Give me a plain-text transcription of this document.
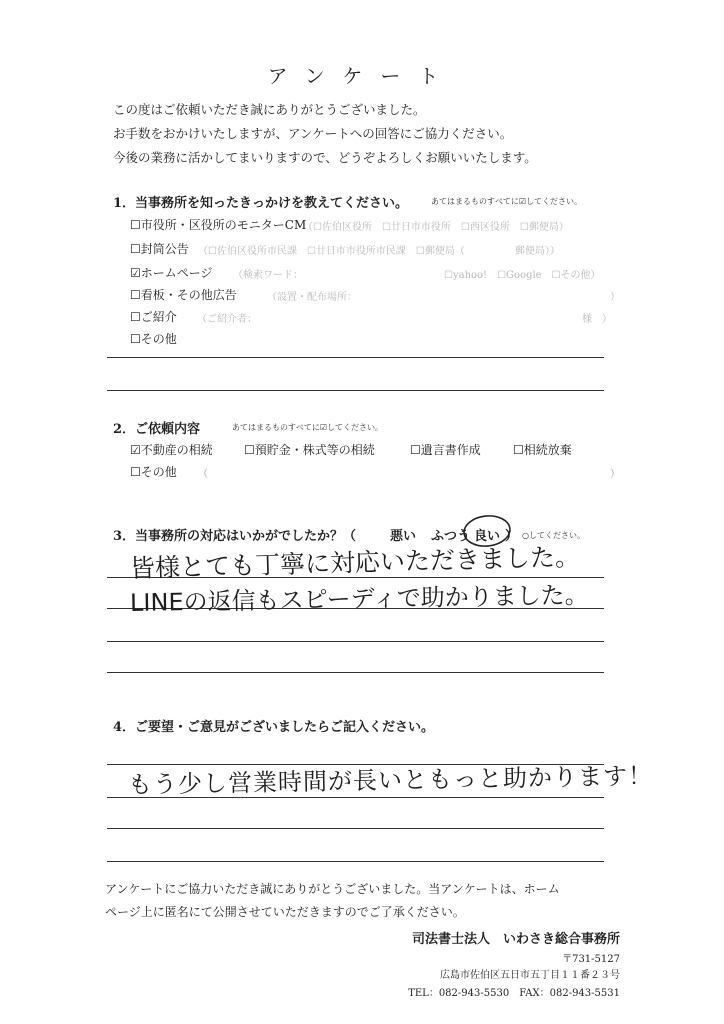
アンケート
この度はご依頼いただき誠にありがとうございました。
お手数をおかけいたしますが、アンケートへの回答にご協力ください。
今後の業務に活かしてまいりますので、どうぞよろしくお願いいたします。
1．当事務所を知ったきっかけを教えてください。	あてはまるものすべてに☑してください。
☐市役所・区役所のモニターCM
（☐佐伯区役所　☐廿日市市役所　☐西区役所　☐郵便局）
☐封筒公告 （☐佐伯区役所市民課　☐廿日市市役所市民課　☐郵便局（　　　　　郵便局））
☑ホームページ （検索ワード：	☐yahoo!　☐Google　☐その他）
☐看板・その他広告	（設置・配布場所：	）
☐ご紹介 （ご紹介者：	様　）
☐その他
2．ご依頼内容	あてはまるものすべてに☑してください。
☑不動産の相続	☐預貯金・株式等の相続	☐遺言書作成	☐相続放棄
☐その他 （	）
3．当事務所の対応はいかがでしたか？（	悪い ふつう 良い ） ○してください。
皆様とても丁寧に対応いただきました。
LINEの返信もスピーディで助かりました。
4．ご要望・ご意見がございましたらご記入ください。
もう少し営業時間が長いともっと助かります！
アンケートにご協力いただき誠にありがとうございました。当アンケートは、ホーム
ページ上に匿名にて公開させていただきますのでご了承ください。
司法書士法人　いわさき総合事務所
〒731-5127
広島市佐伯区五日市五丁目１１番２３号
TEL：082-943-5530　FAX：082-943-5531
